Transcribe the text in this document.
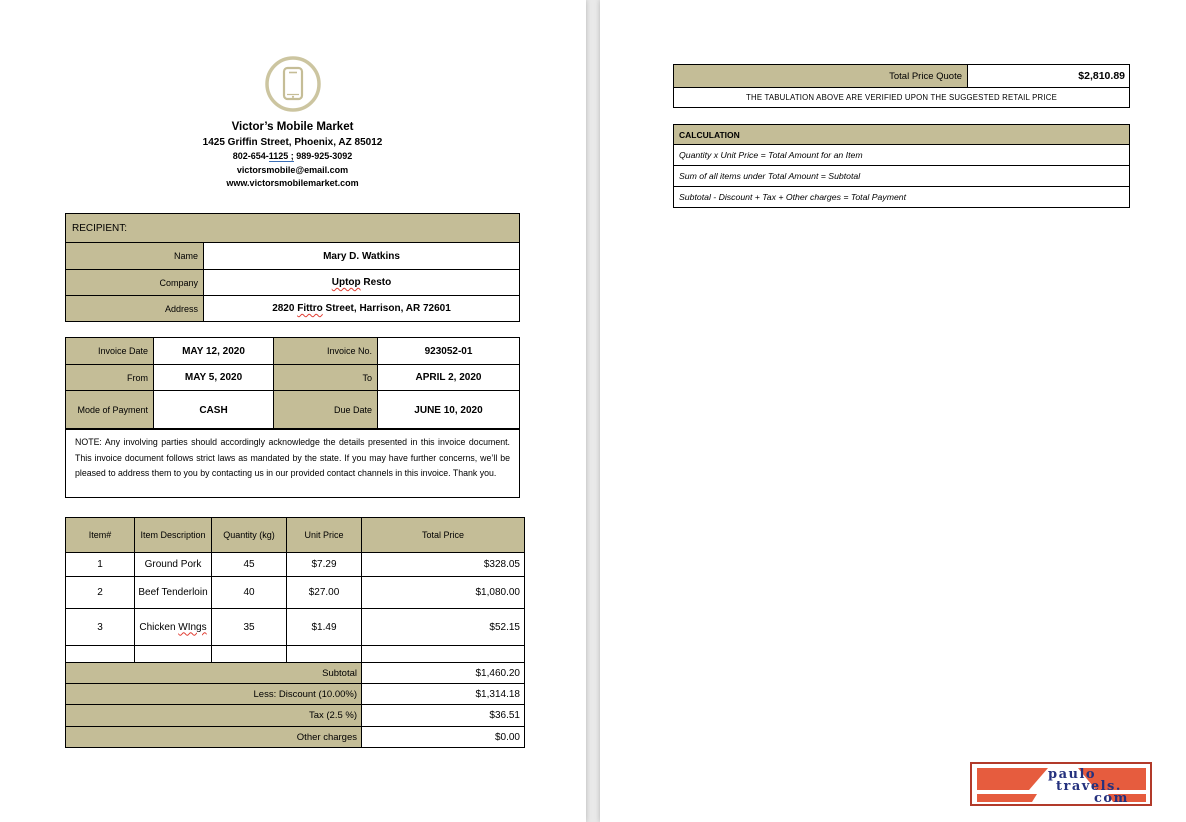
Victor’s Mobile Market
1425 Griffin Street, Phoenix, AZ 85012
802-654-1125 ; 989-925-3092
victorsmobile@email.com
www.victorsmobilemarket.com
RECIPIENT:	
Name	Mary D. Watkins
Company	Uptop Resto
Address	2820 Fittro Street, Harrison, AR 72601
Invoice Date	MAY 12, 2020	Invoice No.	923052-01
From	MAY 5, 2020	To	APRIL 2, 2020
Mode of Payment	CASH	Due Date	JUNE 10, 2020
NOTE: Any involving parties should accordingly acknowledge the details presented in this invoice document. This invoice document follows strict laws as mandated by the state. If you may have further concerns, we’ll be pleased to address them to you by contacting us in our provided contact channels in this invoice. Thank you.
Item#	Item Description	Quantity (kg)	Unit Price	Total Price
1	Ground Pork	45	$7.29	$328.05
2	Beef Tenderloin	40	$27.00	$1,080.00
3	Chicken WIngs	35	$1.49	$52.15

Subtotal				$1,460.20
Less: Discount (10.00%)				$1,314.18
Tax (2.5 %)				$36.51
Other charges				$0.00
Total Price Quote	$2,810.89
THE TABULATION ABOVE ARE VERIFIED UPON THE SUGGESTED RETAIL PRICE
CALCULATION
Quantity x Unit Price = Total Amount for an Item
Sum of all items under Total Amount = Subtotal
Subtotal - Discount + Tax + Other charges = Total Payment
paulo
travels.
com
